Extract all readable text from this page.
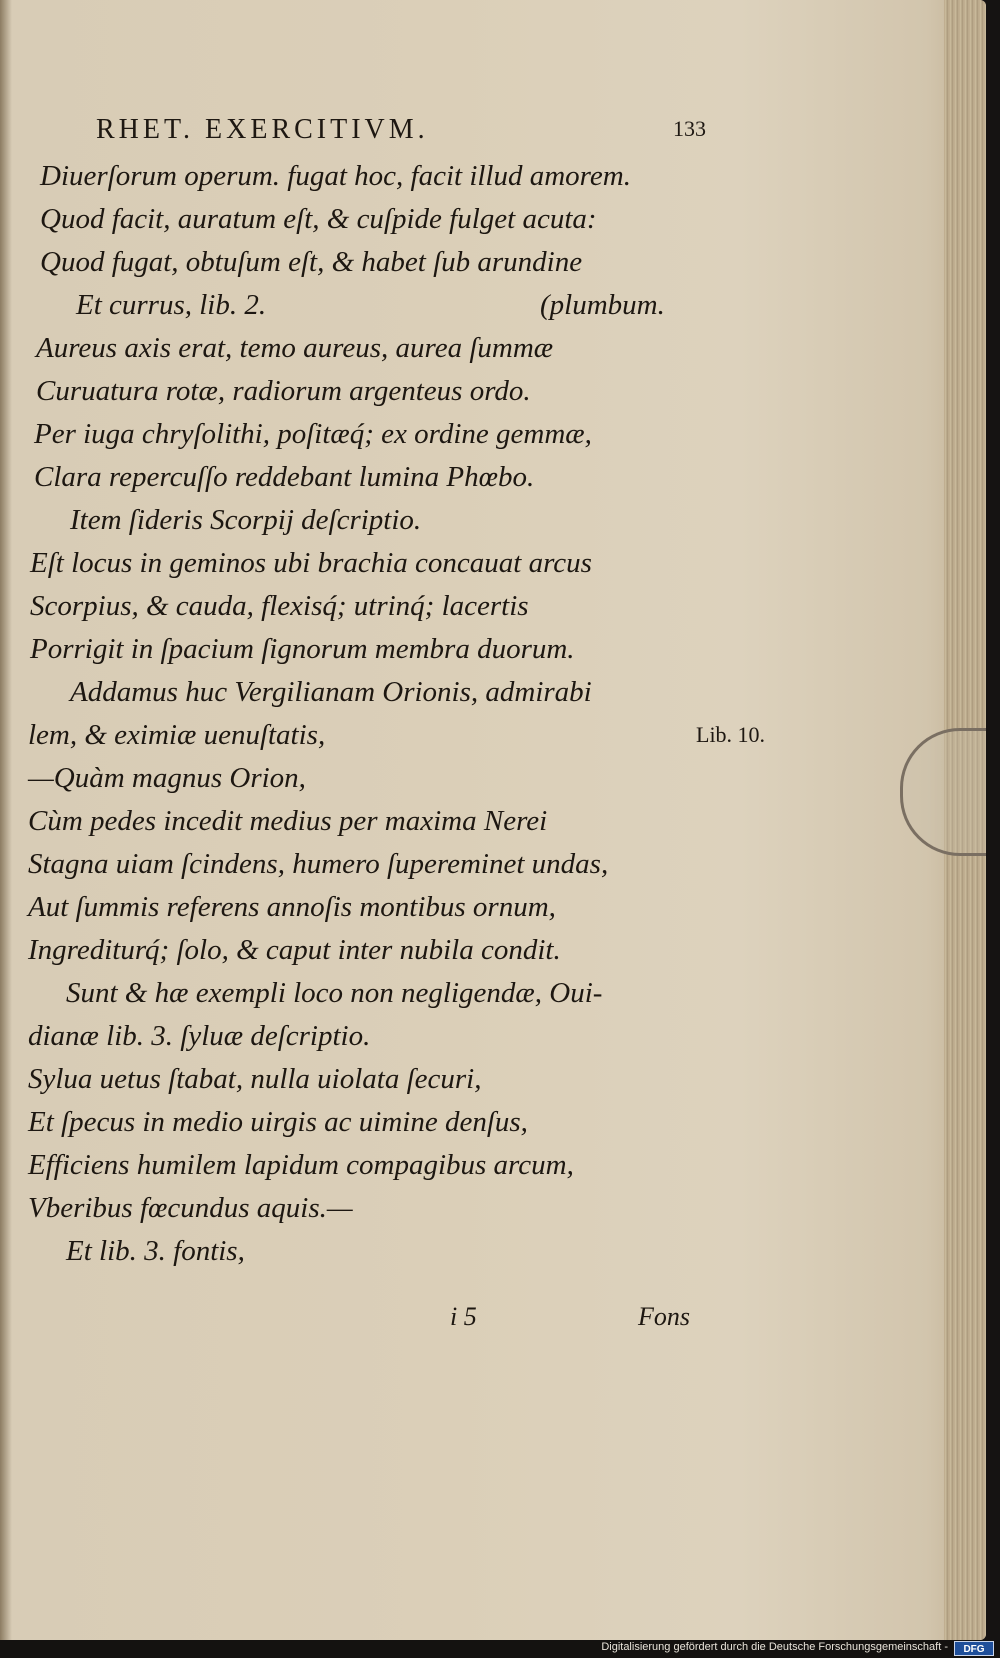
RHET. EXERCITIVM.	133
Diuerſorum operum. fugat hoc, facit illud amorem.
Quod facit, auratum eſt, & cuſpide fulget acuta:
Quod fugat, obtuſum eſt, & habet ſub arundine
Et currus, lib. 2.	(plumbum.
Aureus axis erat, temo aureus, aurea ſummæ
Curuatura rotæ, radiorum argenteus ordo.
Per iuga chryſolithi, poſitæq́; ex ordine gemmæ,
Clara repercuſſo reddebant lumina Phœbo.
Item ſideris Scorpij deſcriptio.
Eſt locus in geminos ubi brachia concauat arcus
Scorpius, & cauda, flexisq́; utrinq́; lacertis
Porrigit in ſpacium ſignorum membra duorum.
Addamus huc Vergilianam Orionis, admirabi
lem, & eximiæ uenuſtatis,
—Quàm magnus Orion,
Cùm pedes incedit medius per maxima Nerei
Stagna uiam ſcindens, humero ſupereminet undas,
Aut ſummis referens annoſis montibus ornum,
Ingrediturq́; ſolo, & caput inter nubila condit.
Sunt & hæ exempli loco non negligendæ, Oui-
dianæ lib. 3. ſyluæ deſcriptio.
Sylua uetus ſtabat, nulla uiolata ſecuri,
Et ſpecus in medio uirgis ac uimine denſus,
Efficiens humilem lapidum compagibus arcum,
Vberibus fœcundus aquis.—
Et lib. 3. fontis,
Lib. 10.
i 5	Fons
Digitalisierung gefördert durch die Deutsche Forschungsgemeinschaft -	DFG
